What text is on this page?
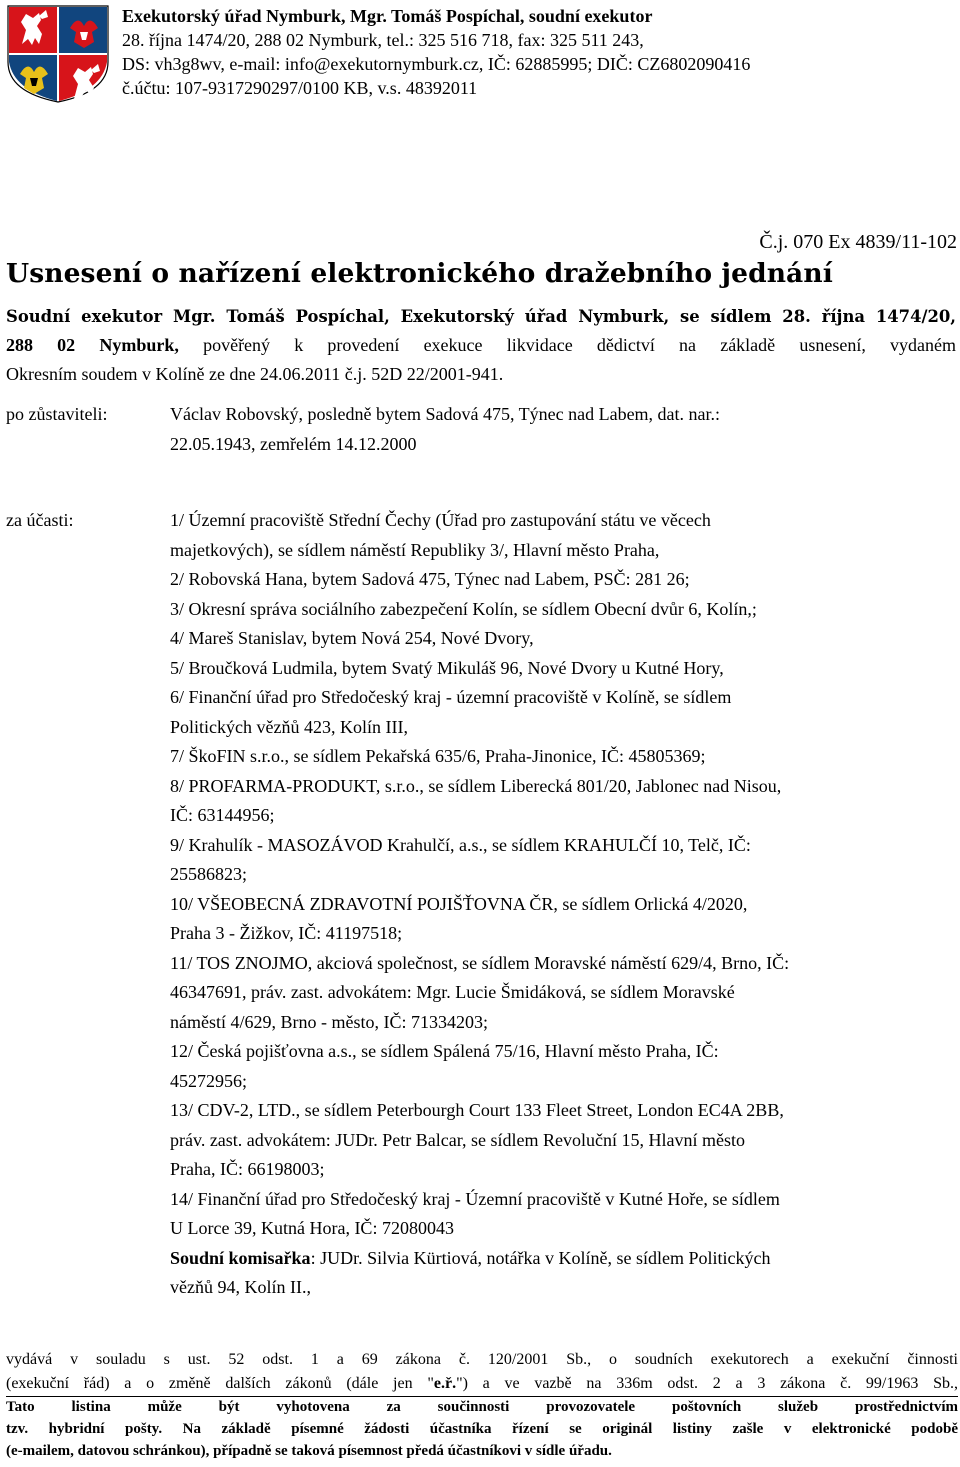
Exekutorský úřad Nymburk, Mgr. Tomáš Pospíchal, soudní exekutor
28. října 1474/20, 288 02 Nymburk, tel.: 325 516 718, fax: 325 511 243,
DS: vh3g8wv, e-mail: info@exekutornymburk.cz, IČ: 62885995; DIČ: CZ6802090416
č.účtu: 107-9317290297/0100 KB, v.s. 48392011
Č.j. 070 Ex 4839/11-102
Usnesení o nařízení elektronického dražebního jednání
Soudní exekutor Mgr. Tomáš Pospíchal, Exekutorský úřad Nymburk, se sídlem 28. října 1474/20,
288 02 Nymburk, pověřený k provedení exekuce likvidace dědictví na základě usnesení, vydaném
Okresním soudem v Kolíně ze dne 24.06.2011 č.j. 52D 22/2001-941.
po zůstaviteli:	Václav Robovský, posledně bytem Sadová 475, Týnec nad Labem, dat. nar.:
22.05.1943, zemřelém 14.12.2000
za účasti:	1/ Územní pracoviště Střední Čechy (Úřad pro zastupování státu ve věcech
majetkových), se sídlem náměstí Republiky 3/, Hlavní město Praha,
2/ Robovská Hana, bytem Sadová 475, Týnec nad Labem, PSČ: 281 26;
3/ Okresní správa sociálního zabezpečení Kolín, se sídlem Obecní dvůr 6, Kolín,;
4/ Mareš Stanislav, bytem Nová 254, Nové Dvory,
5/ Broučková Ludmila, bytem Svatý Mikuláš 96, Nové Dvory u Kutné Hory,
6/ Finanční úřad pro Středočeský kraj - územní pracoviště v Kolíně, se sídlem
Politických vězňů 423, Kolín III,
7/ ŠkoFIN s.r.o., se sídlem Pekařská 635/6, Praha-Jinonice, IČ: 45805369;
8/ PROFARMA-PRODUKT, s.r.o., se sídlem Liberecká 801/20, Jablonec nad Nisou,
IČ: 63144956;
9/ Krahulík - MASOZÁVOD Krahulčí, a.s., se sídlem KRAHULČÍ 10, Telč, IČ:
25586823;
10/ VŠEOBECNÁ ZDRAVOTNÍ POJIŠŤOVNA ČR, se sídlem Orlická 4/2020,
Praha 3 - Žižkov, IČ: 41197518;
11/ TOS ZNOJMO, akciová společnost, se sídlem Moravské náměstí 629/4, Brno, IČ:
46347691, práv. zast. advokátem: Mgr. Lucie Šmidáková, se sídlem Moravské
náměstí 4/629, Brno - město, IČ: 71334203;
12/ Česká pojišťovna a.s., se sídlem Spálená 75/16, Hlavní město Praha, IČ:
45272956;
13/ CDV-2, LTD., se sídlem Peterbourgh Court 133 Fleet Street, London EC4A 2BB,
práv. zast. advokátem: JUDr. Petr Balcar, se sídlem Revoluční 15, Hlavní město
Praha, IČ: 66198003;
14/ Finanční úřad pro Středočeský kraj - Územní pracoviště v Kutné Hoře, se sídlem
U Lorce 39, Kutná Hora, IČ: 72080043
Soudní komisařka: JUDr. Silvia Kürtiová, notářka v Kolíně, se sídlem Politických
vězňů 94, Kolín II.,
vydává v souladu s ust. 52 odst. 1 a 69 zákona č. 120/2001 Sb., o soudních exekutorech a exekuční činnosti
(exekuční řád) a o změně dalších zákonů (dále jen "e.ř.") a ve vazbě na 336m odst. 2 a 3 zákona č. 99/1963 Sb.,
Tato listina může být vyhotovena za součinnosti provozovatele poštovních služeb prostřednictvím
tzv. hybridní pošty. Na základě písemné žádosti účastníka řízení se originál listiny zašle v elektronické podobě
(e-mailem, datovou schránkou), případně se taková písemnost předá účastníkovi v sídle úřadu.
